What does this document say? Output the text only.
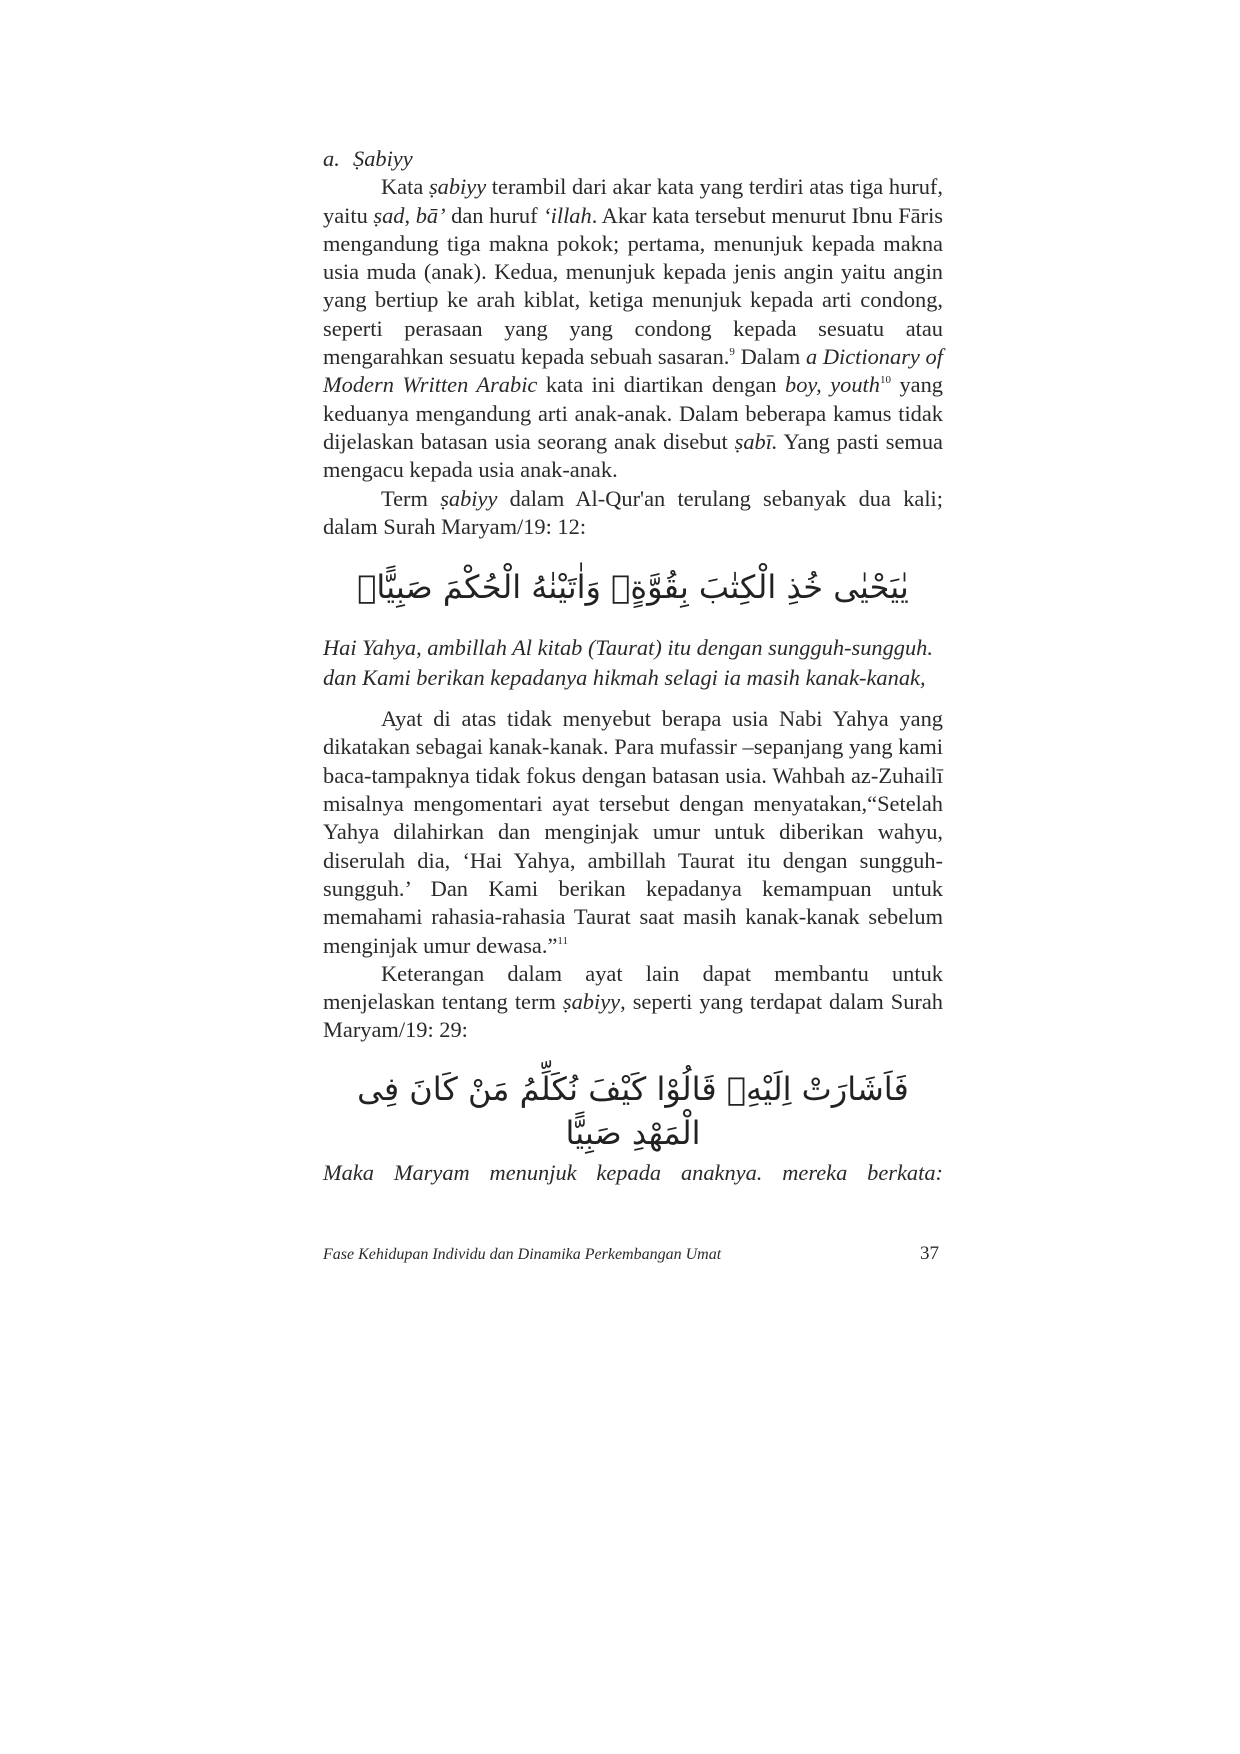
a. Ṣabiyy

Kata ṣabiyy terambil dari akar kata yang terdiri atas tiga huruf, yaitu ṣad, bā’ dan huruf ‘illah. Akar kata tersebut menurut Ibnu Fāris mengandung tiga makna pokok; pertama, menunjuk kepada makna usia muda (anak). Kedua, menunjuk kepada jenis angin yaitu angin yang bertiup ke arah kiblat, ketiga menunjuk kepada arti condong, seperti perasaan yang yang condong kepada sesuatu atau mengarahkan sesuatu kepada sebuah sasaran.$^9$ Dalam a Dictionary of Modern Written Arabic kata ini diartikan dengan boy, youth$^{10}$ yang keduanya mengandung arti anak-anak. Dalam beberapa kamus tidak dijelaskan batasan usia seorang anak disebut ṣabī. Yang pasti semua mengacu kepada usia anak-anak.

Term ṣabiyy dalam Al-Qur'an terulang sebanyak dua kali; dalam Surah Maryam/19: 12:

يٰيَحْيٰى خُذِ الْكِتٰبَ بِقُوَّةٍۗ وَاٰتَيْنٰهُ الْحُكْمَ صَبِيًّاۙ
Hai Yahya, ambillah Al kitab (Taurat) itu dengan sungguh-sungguh.
dan Kami berikan kepadanya hikmah selagi ia masih kanak-kanak,

Ayat di atas tidak menyebut berapa usia Nabi Yahya yang dikatakan sebagai kanak-kanak. Para mufassir –sepanjang yang kami baca-tampaknya tidak fokus dengan batasan usia. Wahbah az-Zuhailī misalnya mengomentari ayat tersebut dengan menyatakan,“Setelah Yahya dilahirkan dan menginjak umur untuk diberikan wahyu, diserulah dia, ‘Hai Yahya, ambillah Taurat itu dengan sungguh-sungguh.’ Dan Kami berikan kepadanya kemampuan untuk memahami rahasia-rahasia Taurat saat masih kanak-kanak sebelum menginjak umur dewasa.”$^{11}$

Keterangan dalam ayat lain dapat membantu untuk menjelaskan tentang term ṣabiyy, seperti yang terdapat dalam Surah Maryam/19: 29:

فَاَشَارَتْ اِلَيْهِۗ قَالُوْا كَيْفَ نُكَلِّمُ مَنْ كَانَ فِى الْمَهْدِ صَبِيًّا
Maka Maryam menunjuk kepada anaknya. mereka berkata:
Fase Kehidupan Individu dan Dinamika Perkembangan Umat	37
